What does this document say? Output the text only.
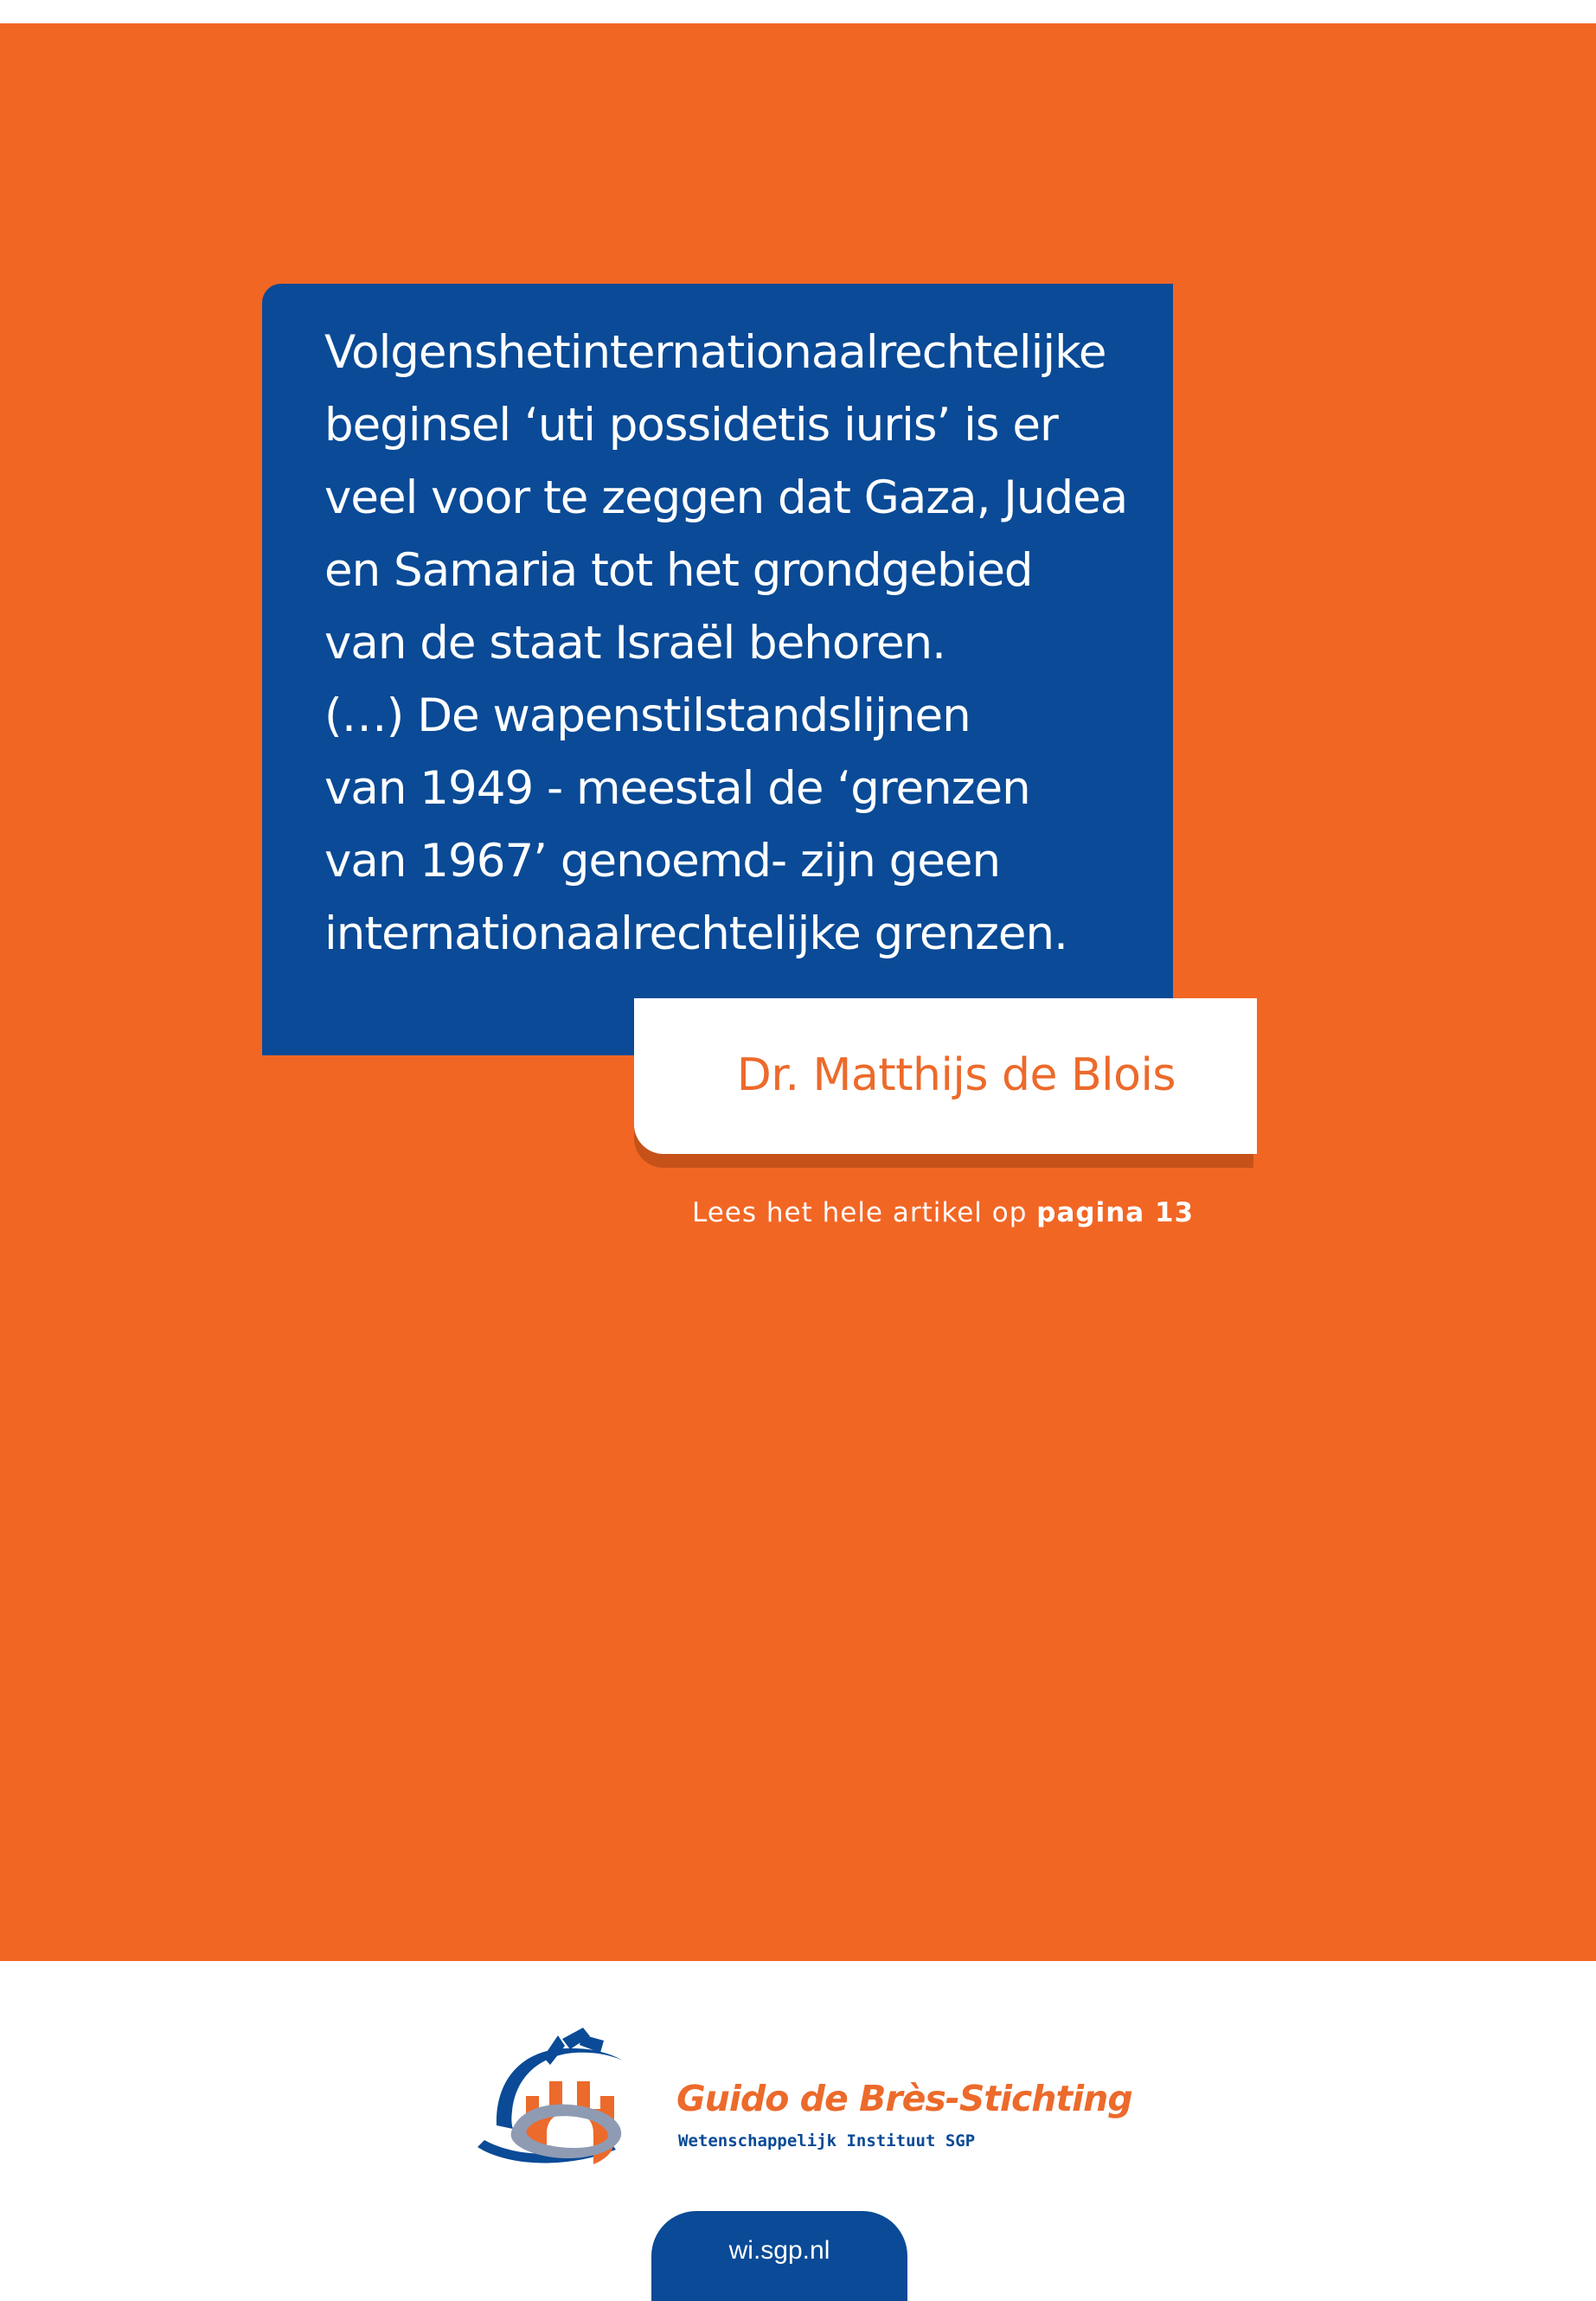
Volgenshetinternationaalrechtelijke
beginsel ‘uti possidetis iuris’ is er
veel voor te zeggen dat Gaza, Judea
en Samaria tot het grondgebied
van de staat Israël behoren.
(…) De wapenstilstandslijnen
van 1949 - meestal de ‘grenzen
van 1967’ genoemd- zijn geen
internationaalrechtelijke grenzen.

Dr. Matthijs de Blois
Lees het hele artikel op pagina 13
Guido de Brès-Stichting
Wetenschappelijk Instituut SGP
wi.sgp.nl
